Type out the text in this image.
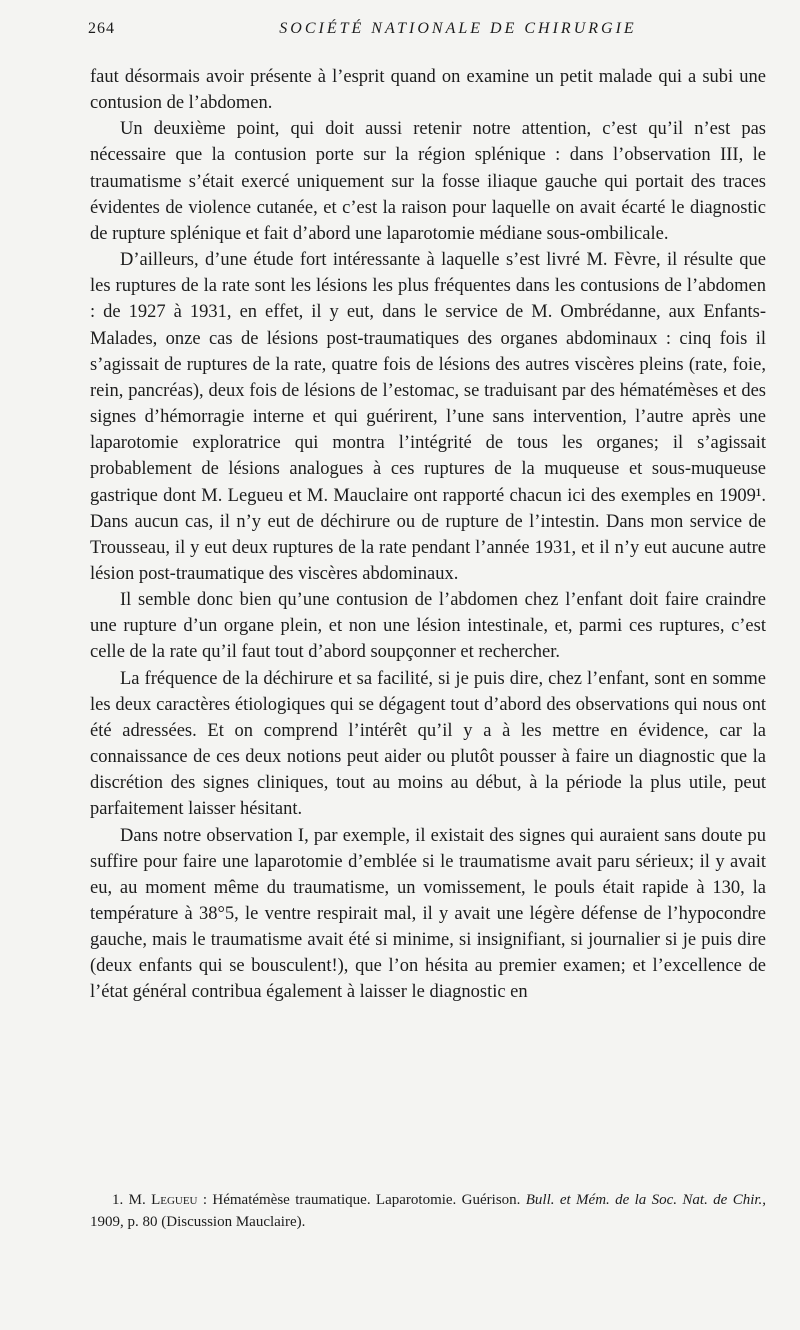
264	SOCIÉTÉ NATIONALE DE CHIRURGIE

faut désormais avoir présente à l’esprit quand on examine un petit malade qui a subi une contusion de l’abdomen.

Un deuxième point, qui doit aussi retenir notre attention, c’est qu’il n’est pas nécessaire que la contusion porte sur la région splénique : dans l’observation III, le traumatisme s’était exercé uniquement sur la fosse iliaque gauche qui portait des traces évidentes de violence cutanée, et c’est la raison pour laquelle on avait écarté le diagnostic de rupture splénique et fait d’abord une laparotomie médiane sous-ombilicale.

D’ailleurs, d’une étude fort intéressante à laquelle s’est livré M. Fèvre, il résulte que les ruptures de la rate sont les lésions les plus fréquentes dans les contusions de l’abdomen : de 1927 à 1931, en effet, il y eut, dans le service de M. Ombrédanne, aux Enfants-Malades, onze cas de lésions post-traumatiques des organes abdominaux : cinq fois il s’agissait de ruptures de la rate, quatre fois de lésions des autres viscères pleins (rate, foie, rein, pancréas), deux fois de lésions de l’estomac, se traduisant par des hématémèses et des signes d’hémorragie interne et qui guérirent, l’une sans intervention, l’autre après une laparotomie exploratrice qui montra l’intégrité de tous les organes; il s’agissait probablement de lésions analogues à ces ruptures de la muqueuse et sous-muqueuse gastrique dont M. Legueu et M. Mauclaire ont rapporté chacun ici des exemples en 1909¹. Dans aucun cas, il n’y eut de déchirure ou de rupture de l’intestin. Dans mon service de Trousseau, il y eut deux ruptures de la rate pendant l’année 1931, et il n’y eut aucune autre lésion post-traumatique des viscères abdominaux.

Il semble donc bien qu’une contusion de l’abdomen chez l’enfant doit faire craindre une rupture d’un organe plein, et non une lésion intestinale, et, parmi ces ruptures, c’est celle de la rate qu’il faut tout d’abord soupçonner et rechercher.

La fréquence de la déchirure et sa facilité, si je puis dire, chez l’enfant, sont en somme les deux caractères étiologiques qui se dégagent tout d’abord des observations qui nous ont été adressées. Et on comprend l’intérêt qu’il y a à les mettre en évidence, car la connaissance de ces deux notions peut aider ou plutôt pousser à faire un diagnostic que la discrétion des signes cliniques, tout au moins au début, à la période la plus utile, peut parfaitement laisser hésitant.

Dans notre observation I, par exemple, il existait des signes qui auraient sans doute pu suffire pour faire une laparotomie d’emblée si le traumatisme avait paru sérieux; il y avait eu, au moment même du traumatisme, un vomissement, le pouls était rapide à 130, la température à 38°5, le ventre respirait mal, il y avait une légère défense de l’hypocondre gauche, mais le traumatisme avait été si minime, si insignifiant, si journalier si je puis dire (deux enfants qui se bousculent!), que l’on hésita au premier examen; et l’excellence de l’état général contribua également à laisser le diagnostic en

1. M. Legueu : Hématémèse traumatique. Laparotomie. Guérison. Bull. et Mém. de la Soc. Nat. de Chir., 1909, p. 80 (Discussion Mauclaire).
